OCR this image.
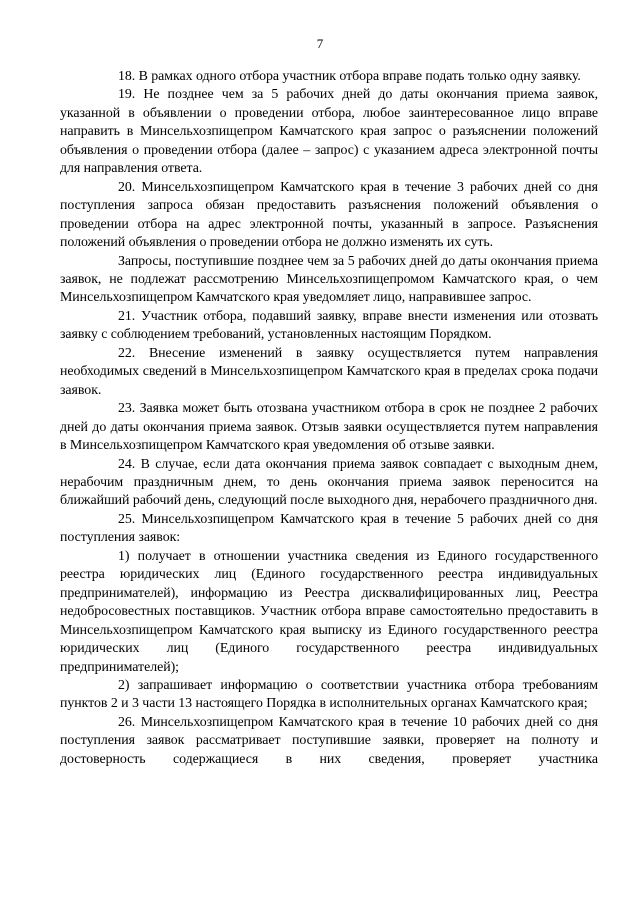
7

18. В рамках одного отбора участник отбора вправе подать только одну заявку.

19. Не позднее чем за 5 рабочих дней до даты окончания приема заявок, указанной в объявлении о проведении отбора, любое заинтересованное лицо вправе направить в Минсельхозпищепром Камчатского края запрос о разъяснении положений объявления о проведении отбора (далее – запрос) с указанием адреса электронной почты для направления ответа.

20. Минсельхозпищепром Камчатского края в течение 3 рабочих дней со дня поступления запроса обязан предоставить разъяснения положений объявления о проведении отбора на адрес электронной почты, указанный в запросе. Разъяснения положений объявления о проведении отбора не должно изменять их суть.

Запросы, поступившие позднее чем за 5 рабочих дней до даты окончания приема заявок, не подлежат рассмотрению Минсельхозпищепромом Камчатского края, о чем Минсельхозпищепром Камчатского края уведомляет лицо, направившее запрос.

21. Участник отбора, подавший заявку, вправе внести изменения или отозвать заявку с соблюдением требований, установленных настоящим Порядком.

22. Внесение изменений в заявку осуществляется путем направления необходимых сведений в Минсельхозпищепром Камчатского края в пределах срока подачи заявок.

23. Заявка может быть отозвана участником отбора в срок не позднее 2 рабочих дней до даты окончания приема заявок. Отзыв заявки осуществляется путем направления в Минсельхозпищепром Камчатского края уведомления об отзыве заявки.

24. В случае, если дата окончания приема заявок совпадает с выходным днем, нерабочим праздничным днем, то день окончания приема заявок переносится на ближайший рабочий день, следующий после выходного дня, нерабочего праздничного дня.

25. Минсельхозпищепром Камчатского края в течение 5 рабочих дней со дня поступления заявок:

1) получает в отношении участника сведения из Единого государственного реестра юридических лиц (Единого государственного реестра индивидуальных предпринимателей), информацию из Реестра дисквалифицированных лиц, Реестра недобросовестных поставщиков. Участник отбора вправе самостоятельно предоставить в Минсельхозпищепром Камчатского края выписку из Единого государственного реестра юридических лиц (Единого государственного реестра индивидуальных предпринимателей);

2) запрашивает информацию о соответствии участника отбора требованиям пунктов 2 и 3 части 13 настоящего Порядка в исполнительных органах Камчатского края;

26. Минсельхозпищепром Камчатского края в течение 10 рабочих дней со дня поступления заявок рассматривает поступившие заявки, проверяет на полноту и достоверность содержащиеся в них сведения, проверяет участника
